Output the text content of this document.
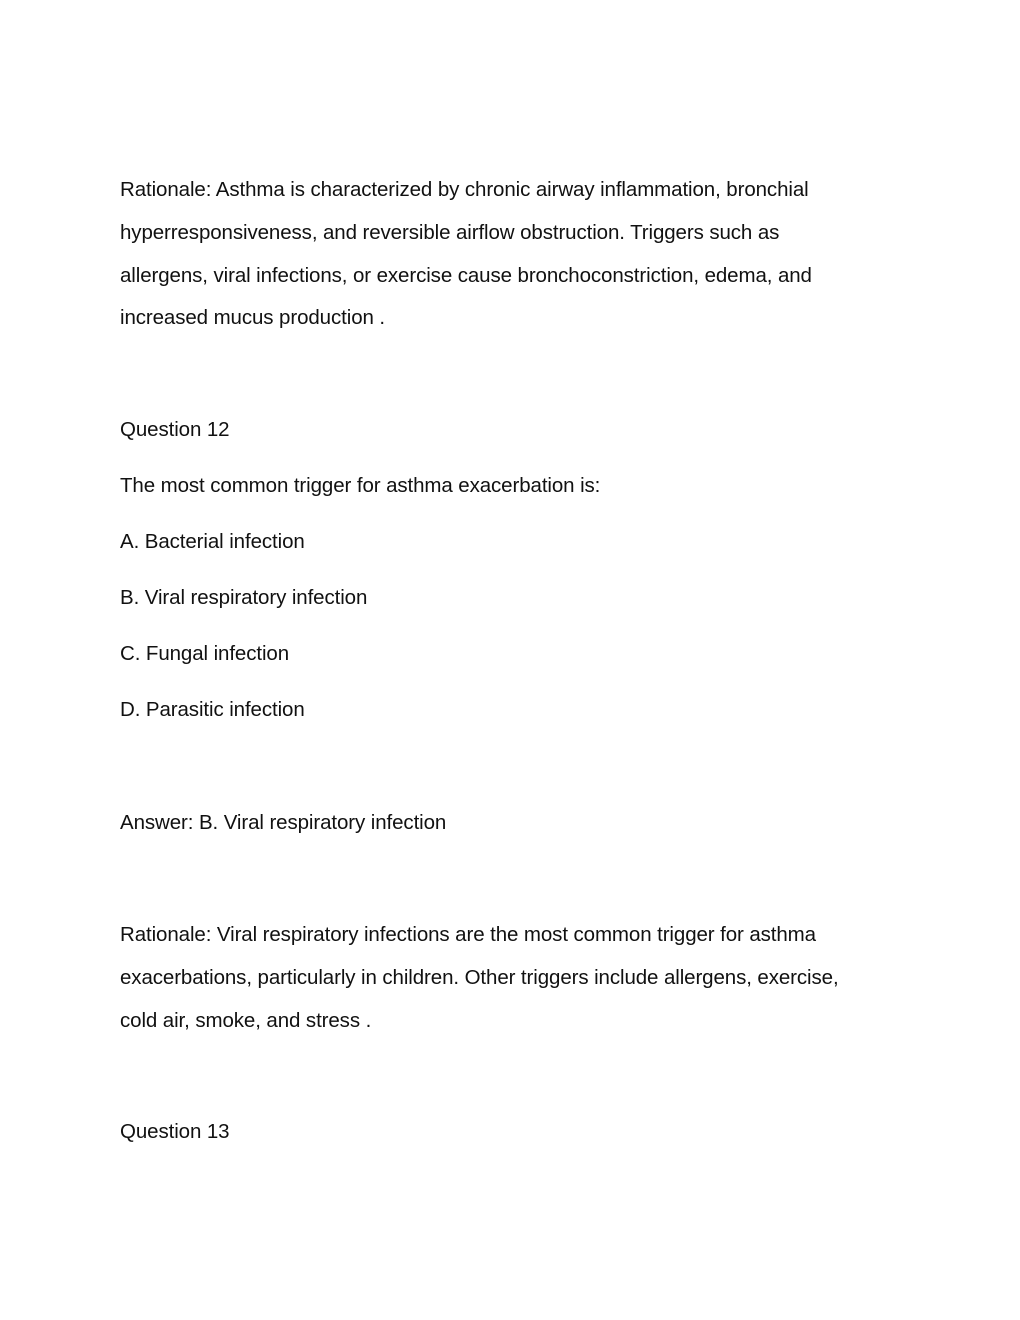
Rationale: Asthma is characterized by chronic airway inflammation, bronchial
hyperresponsiveness, and reversible airflow obstruction. Triggers such as
allergens, viral infections, or exercise cause bronchoconstriction, edema, and
increased mucus production .
Question 12
The most common trigger for asthma exacerbation is:
A. Bacterial infection
B. Viral respiratory infection
C. Fungal infection
D. Parasitic infection
Answer: B. Viral respiratory infection
Rationale: Viral respiratory infections are the most common trigger for asthma
exacerbations, particularly in children. Other triggers include allergens, exercise,
cold air, smoke, and stress .
Question 13
